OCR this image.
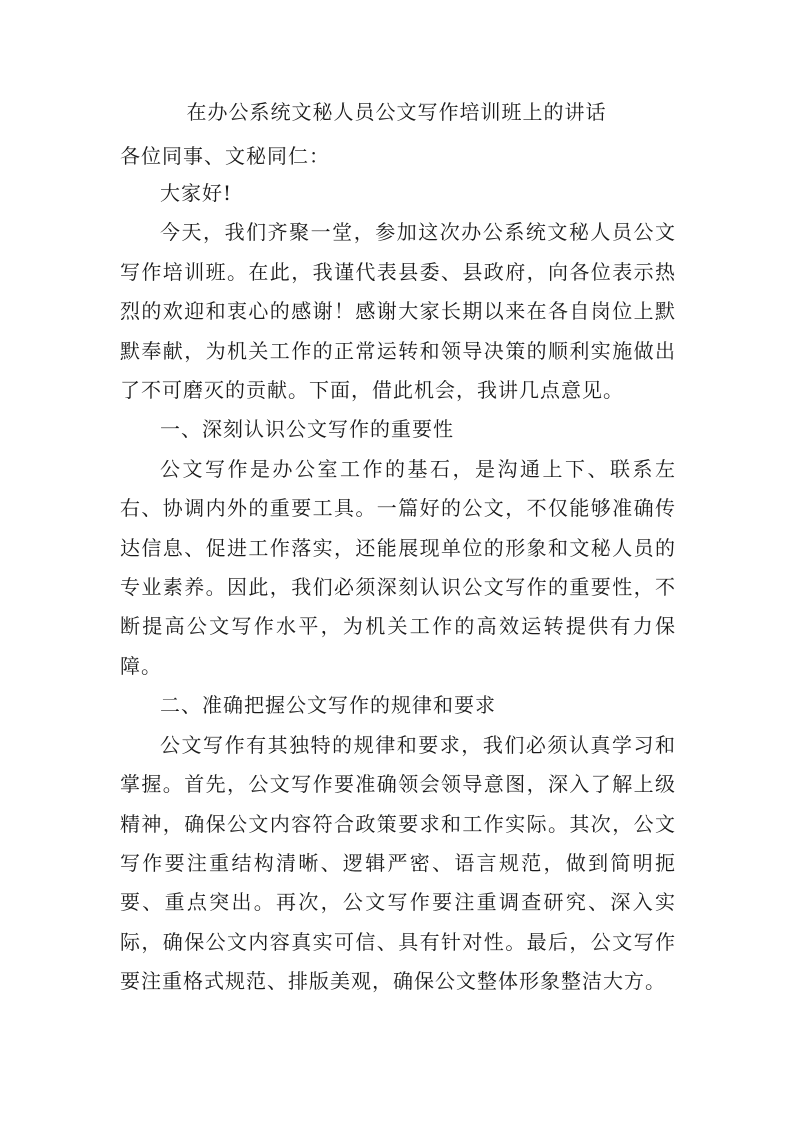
在办公系统文秘人员公文写作培训班上的讲话
各位同事、文秘同仁：

大家好!

今天，我们齐聚一堂，参加这次办公系统文秘人员公文写作培训班。在此，我谨代表县委、县政府，向各位表示热烈的欢迎和衷心的感谢！感谢大家长期以来在各自岗位上默默奉献，为机关工作的正常运转和领导决策的顺利实施做出了不可磨灭的贡献。下面，借此机会，我讲几点意见。

一、深刻认识公文写作的重要性

公文写作是办公室工作的基石，是沟通上下、联系左右、协调内外的重要工具。一篇好的公文，不仅能够准确传达信息、促进工作落实，还能展现单位的形象和文秘人员的专业素养。因此，我们必须深刻认识公文写作的重要性，不断提高公文写作水平，为机关工作的高效运转提供有力保障。

二、准确把握公文写作的规律和要求

公文写作有其独特的规律和要求，我们必须认真学习和掌握。首先，公文写作要准确领会领导意图，深入了解上级精神，确保公文内容符合政策要求和工作实际。其次，公文写作要注重结构清晰、逻辑严密、语言规范，做到简明扼要、重点突出。再次，公文写作要注重调查研究、深入实际，确保公文内容真实可信、具有针对性。最后，公文写作要注重格式规范、排版美观，确保公文整体形象整洁大方。
